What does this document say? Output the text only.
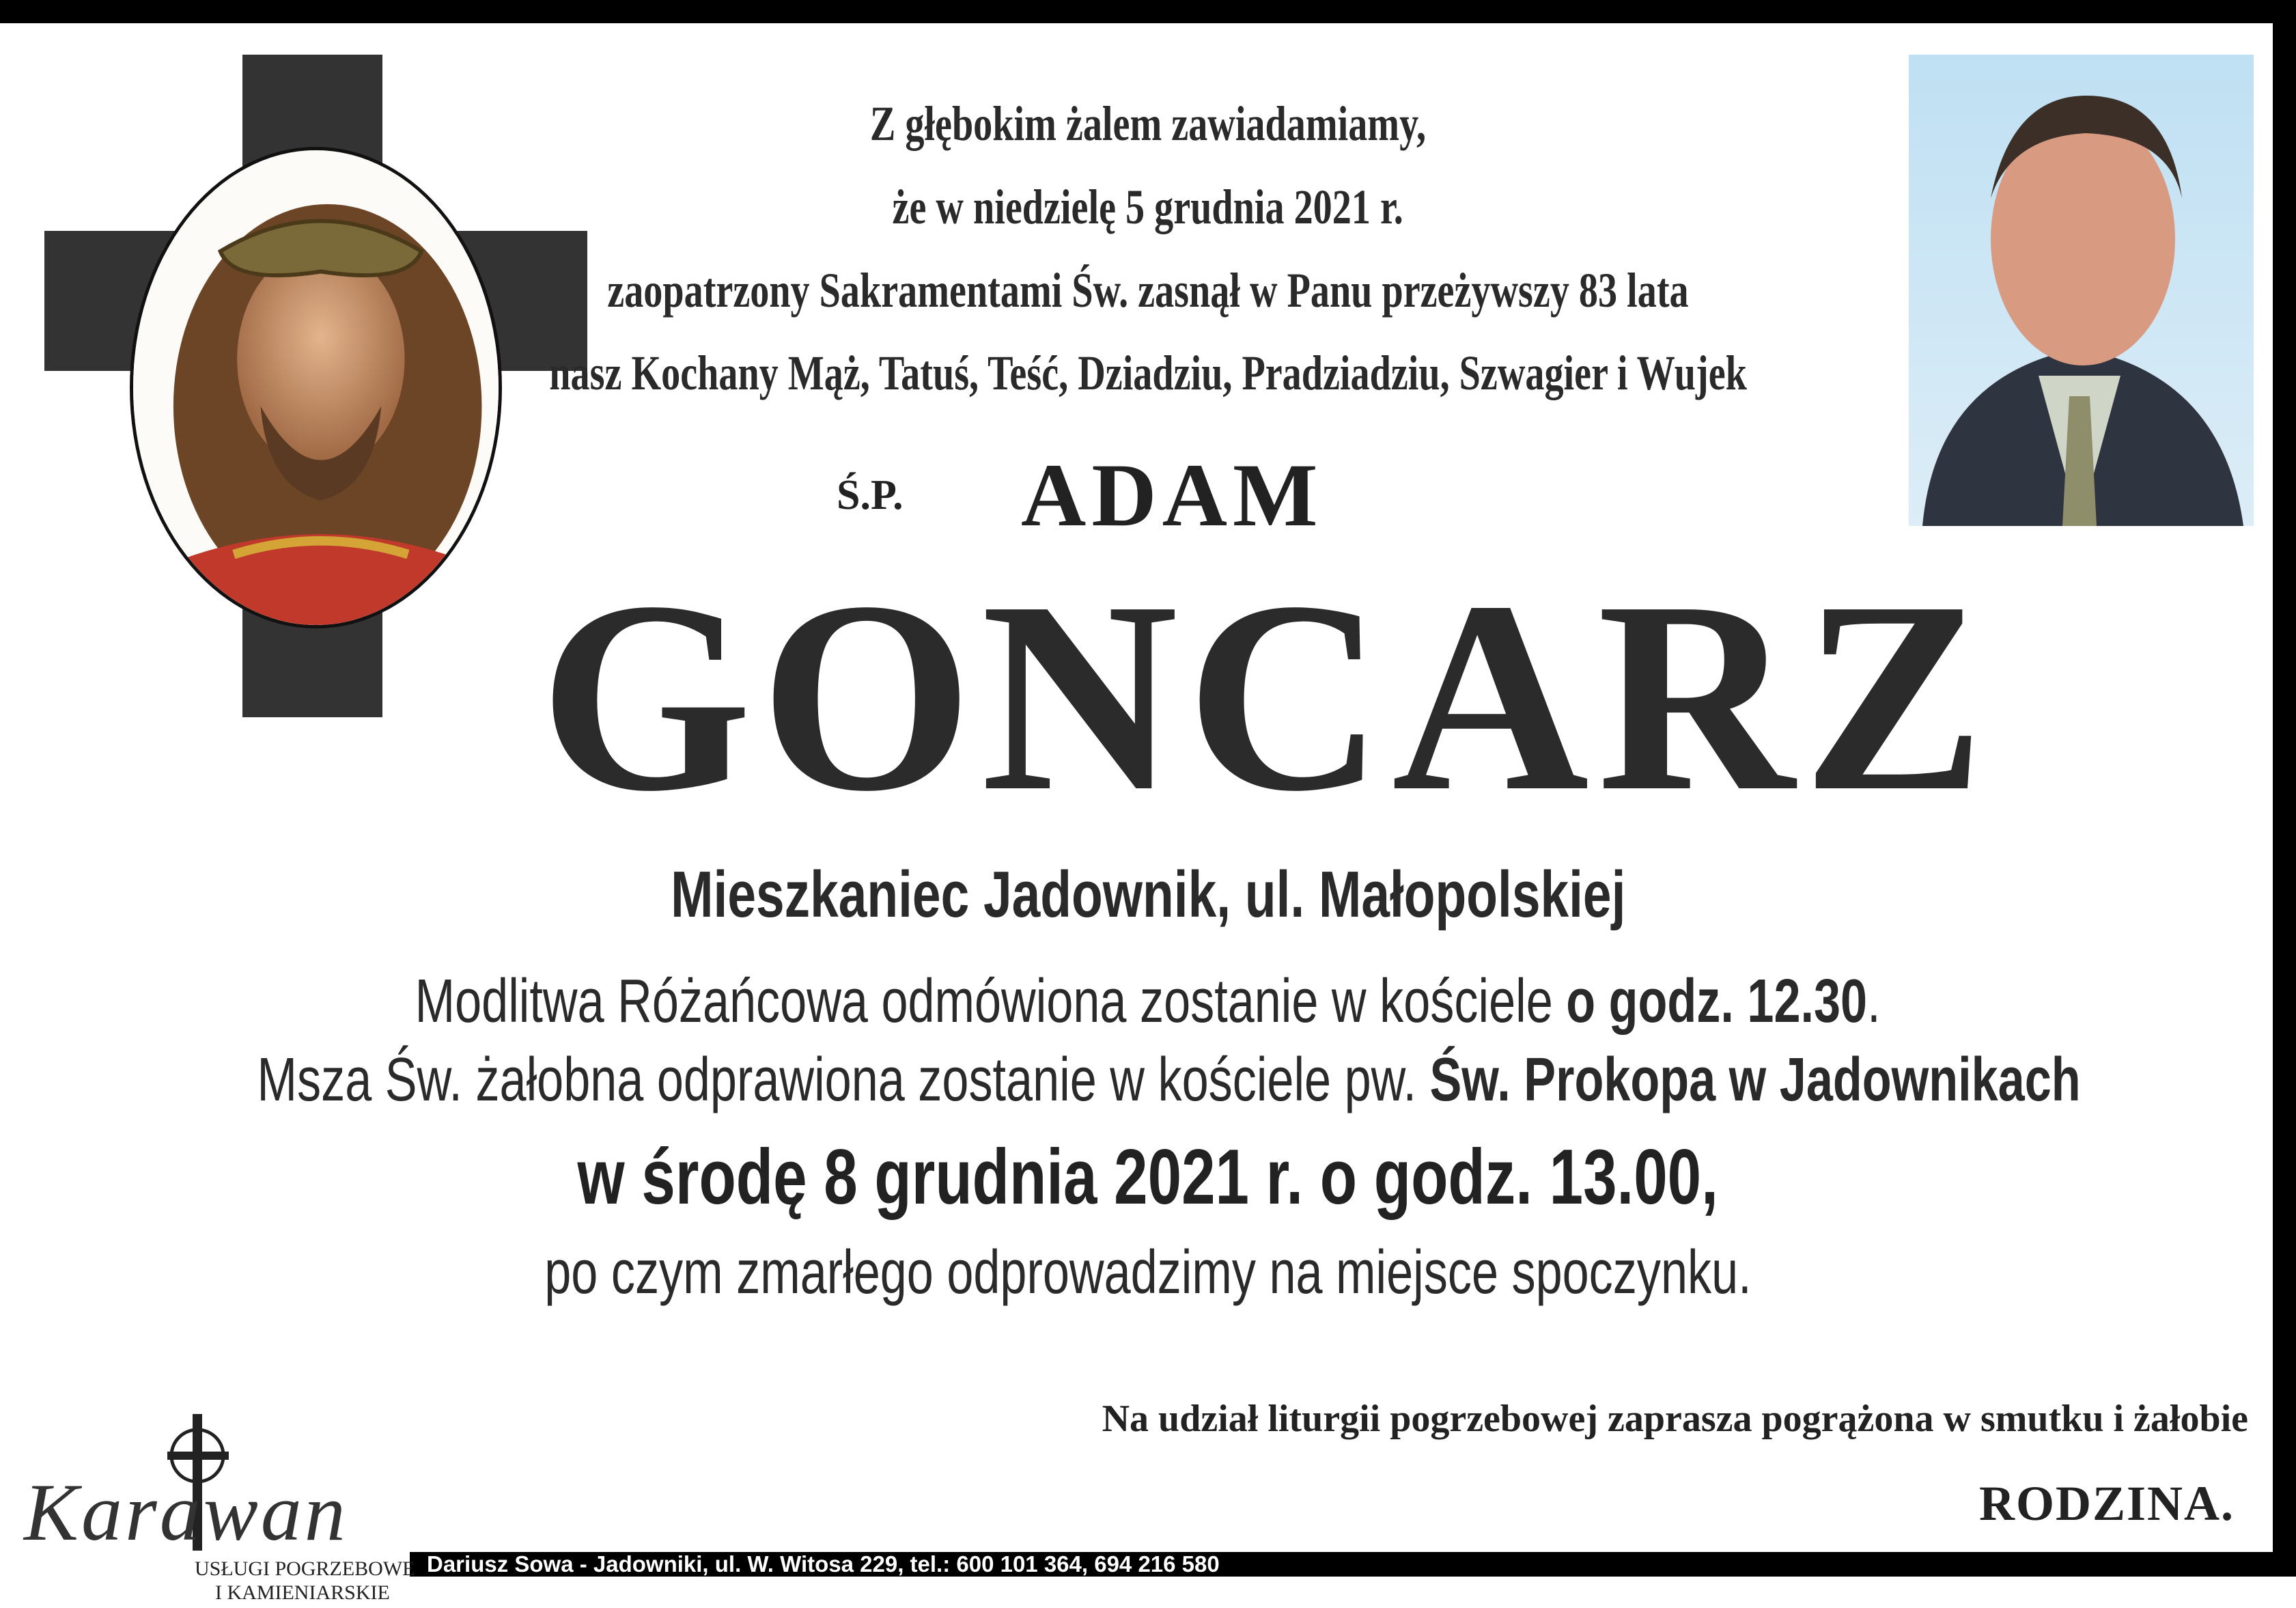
Z głębokim żalem zawiadamiamy,
że w niedzielę 5 grudnia 2021 r.
zaopatrzony Sakramentami Św. zasnął w Panu przeżywszy 83 lata
nasz Kochany Mąż, Tatuś, Teść, Dziadziu, Pradziadziu, Szwagier i Wujek
Ś.P. ADAM
GONCARZ
Mieszkaniec Jadownik, ul. Małopolskiej
Modlitwa Różańcowa odmówiona zostanie w kościele o godz. 12.30.
Msza Św. żałobna odprawiona zostanie w kościele pw. Św. Prokopa w Jadownikach
w środę 8 grudnia 2021 r. o godz. 13.00,
po czym zmarłego odprowadzimy na miejsce spoczynku.
Na udział liturgii pogrzebowej zaprasza pogrążona w smutku i żałobie
RODZINA.
Dariusz Sowa - Jadowniki, ul. W. Witosa 229, tel.: 600 101 364, 694 216 580
Karawan
USŁUGI POGRZEBOWE
I KAMIENIARSKIE
